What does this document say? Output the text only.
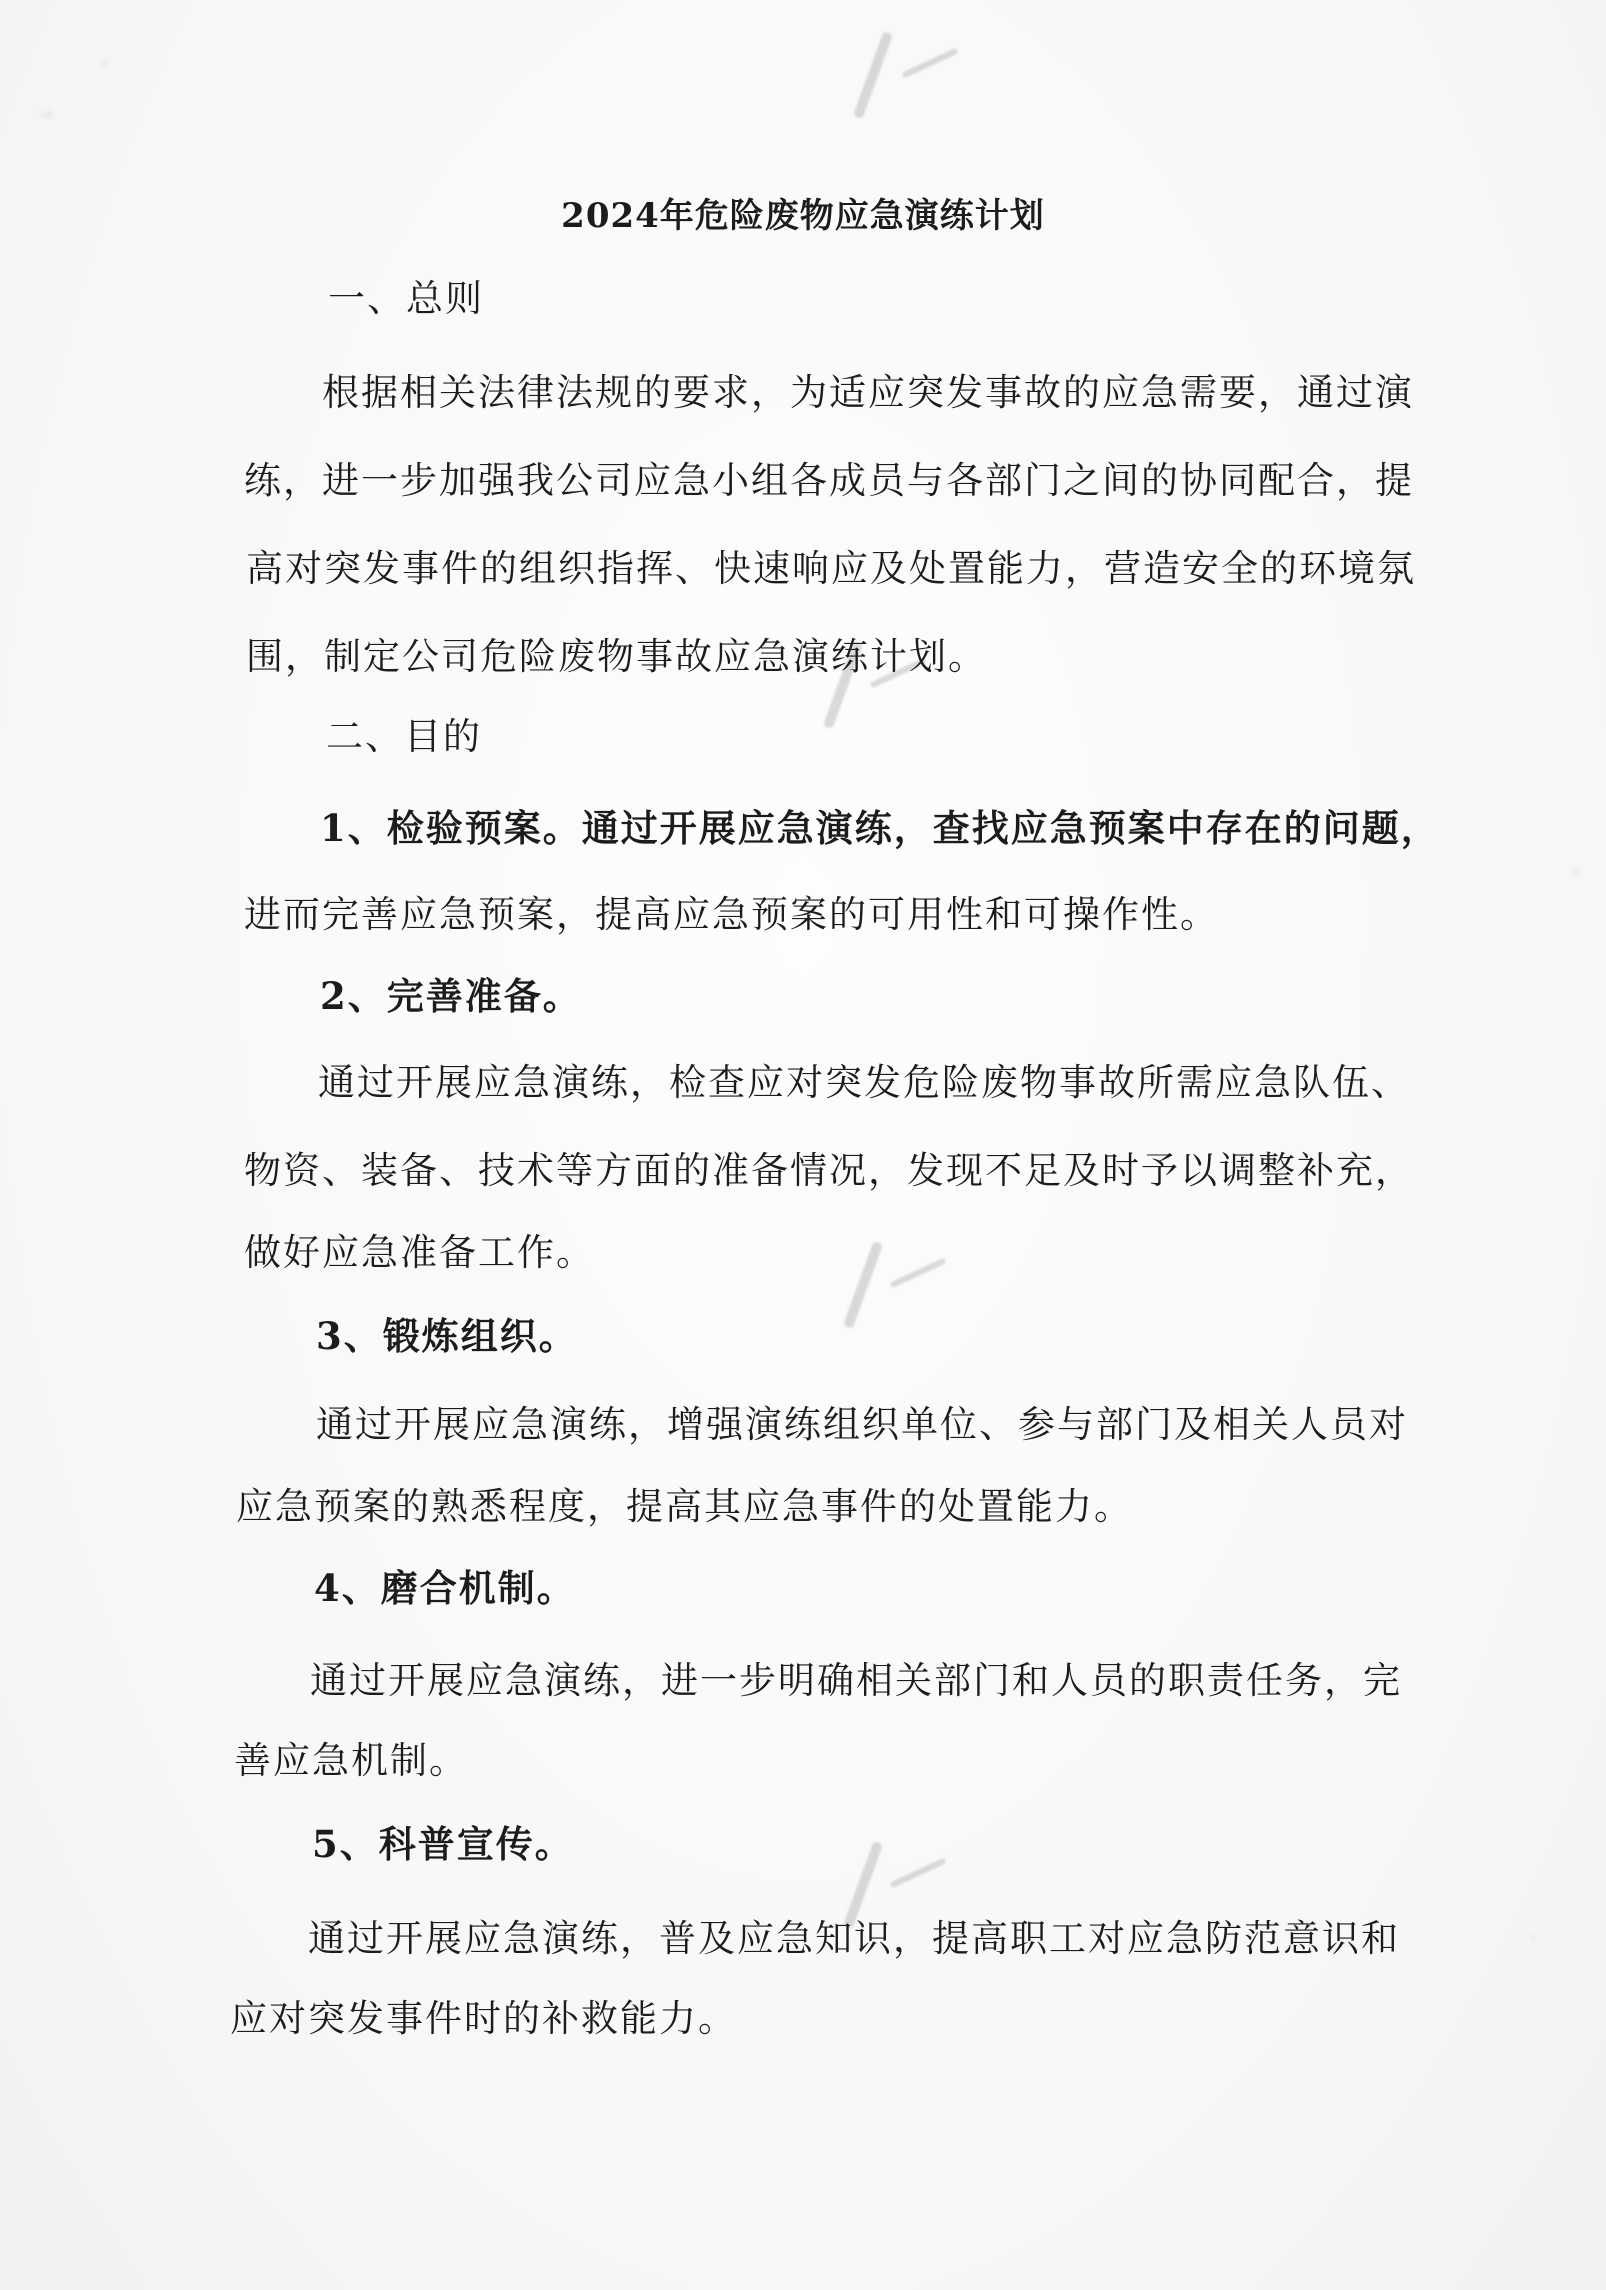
2024年危险废物应急演练计划
一、总则
根据相关法律法规的要求，为适应突发事故的应急需要，通过演
练，进一步加强我公司应急小组各成员与各部门之间的协同配合，提
高对突发事件的组织指挥、快速响应及处置能力，营造安全的环境氛
围，制定公司危险废物事故应急演练计划。
二、目的
1、检验预案。通过开展应急演练，查找应急预案中存在的问题，
进而完善应急预案，提高应急预案的可用性和可操作性。
2、完善准备。
通过开展应急演练，检查应对突发危险废物事故所需应急队伍、
物资、装备、技术等方面的准备情况，发现不足及时予以调整补充，
做好应急准备工作。
3、锻炼组织。
通过开展应急演练，增强演练组织单位、参与部门及相关人员对
应急预案的熟悉程度，提高其应急事件的处置能力。
4、磨合机制。
通过开展应急演练，进一步明确相关部门和人员的职责任务，完
善应急机制。
5、科普宣传。
通过开展应急演练，普及应急知识，提高职工对应急防范意识和
应对突发事件时的补救能力。
